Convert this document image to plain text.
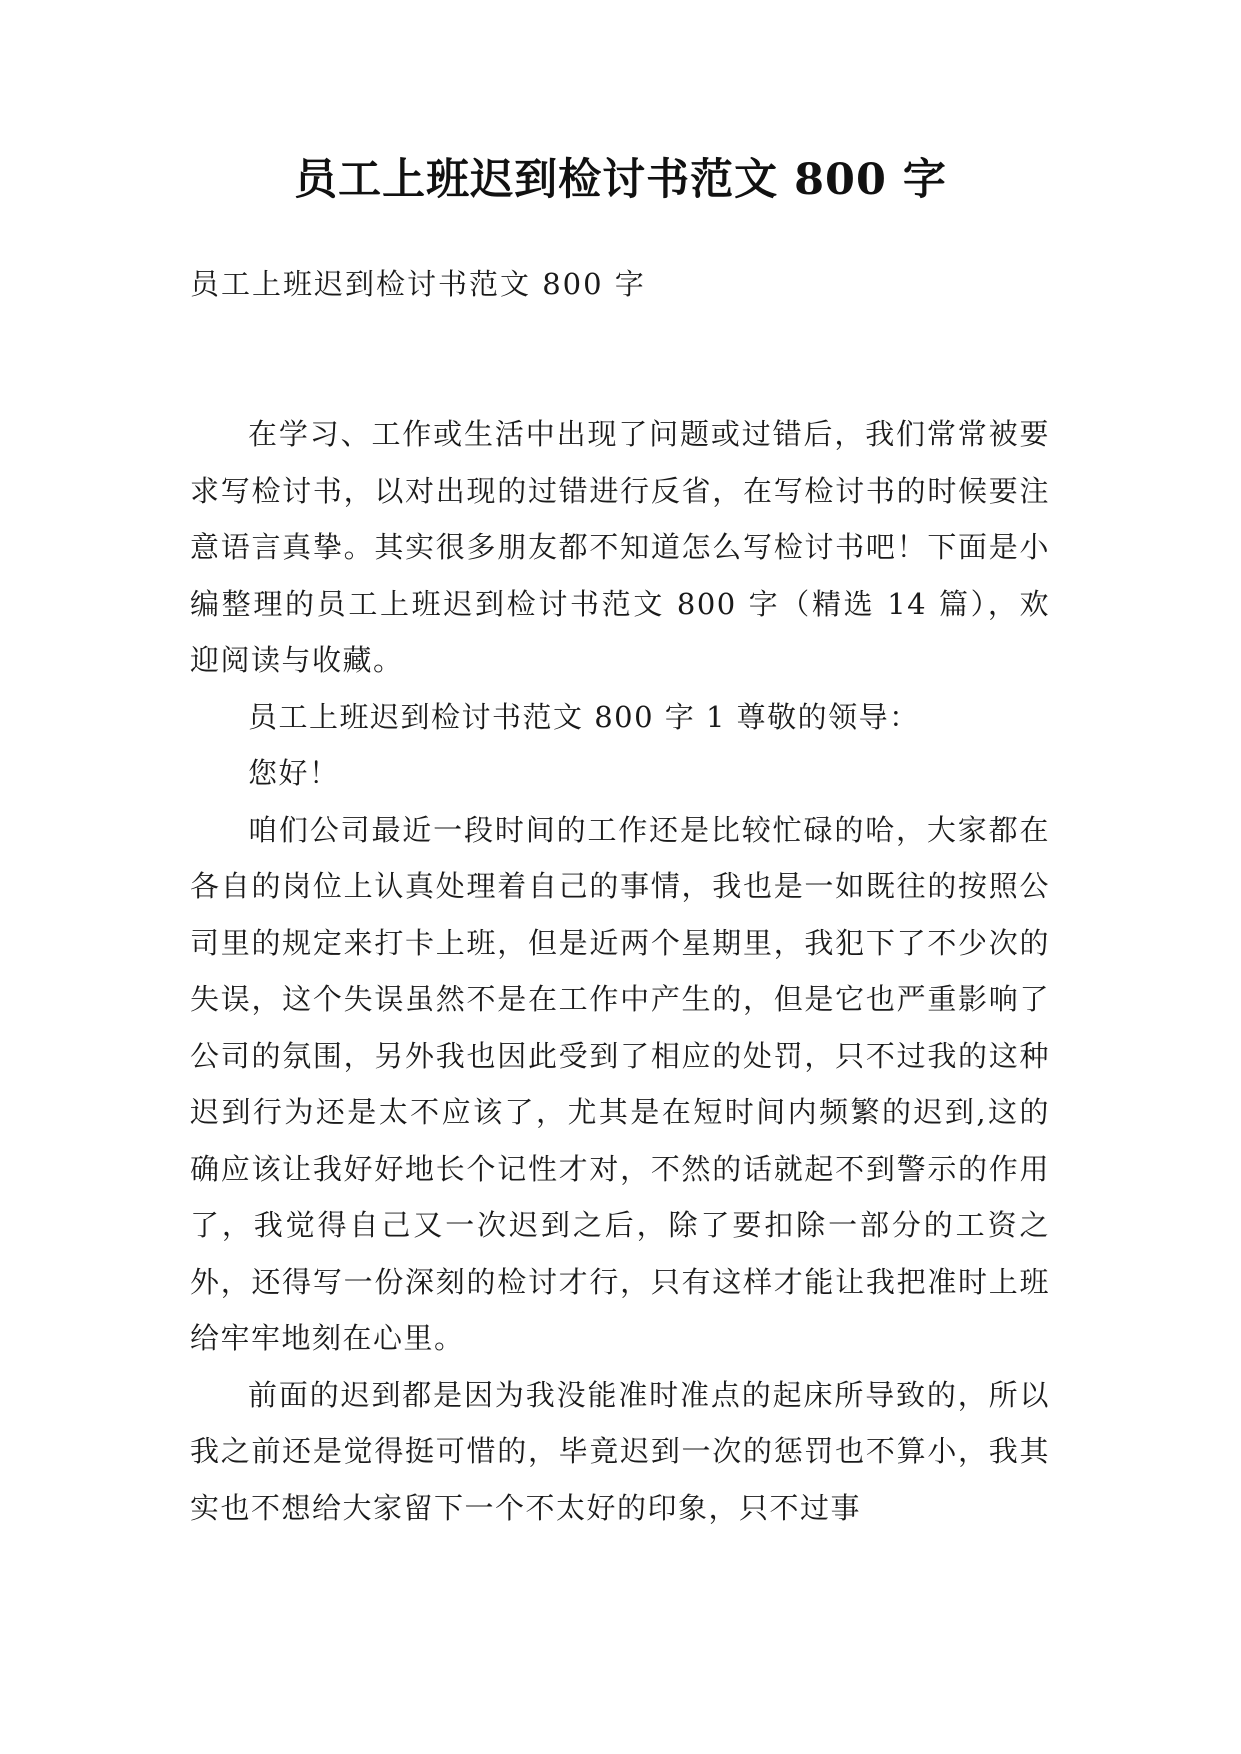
员工上班迟到检讨书范文 800 字

员工上班迟到检讨书范文 800 字

在学习、工作或生活中出现了问题或过错后，我们常常被要求写检讨书，以对出现的过错进行反省，在写检讨书的时候要注意语言真挚。其实很多朋友都不知道怎么写检讨书吧！下面是小编整理的员工上班迟到检讨书范文 800 字（精选 14 篇），欢迎阅读与收藏。

员工上班迟到检讨书范文 800 字 1 尊敬的领导：

您好！

咱们公司最近一段时间的工作还是比较忙碌的哈，大家都在各自的岗位上认真处理着自己的事情，我也是一如既往的按照公司里的规定来打卡上班，但是近两个星期里，我犯下了不少次的失误，这个失误虽然不是在工作中产生的，但是它也严重影响了公司的氛围，另外我也因此受到了相应的处罚，只不过我的这种迟到行为还是太不应该了，尤其是在短时间内频繁的迟到,这的确应该让我好好地长个记性才对，不然的话就起不到警示的作用了，我觉得自己又一次迟到之后，除了要扣除一部分的工资之外，还得写一份深刻的检讨才行，只有这样才能让我把准时上班给牢牢地刻在心里。

前面的迟到都是因为我没能准时准点的起床所导致的，所以我之前还是觉得挺可惜的，毕竟迟到一次的惩罚也不算小，我其实也不想给大家留下一个不太好的印象，只不过事
